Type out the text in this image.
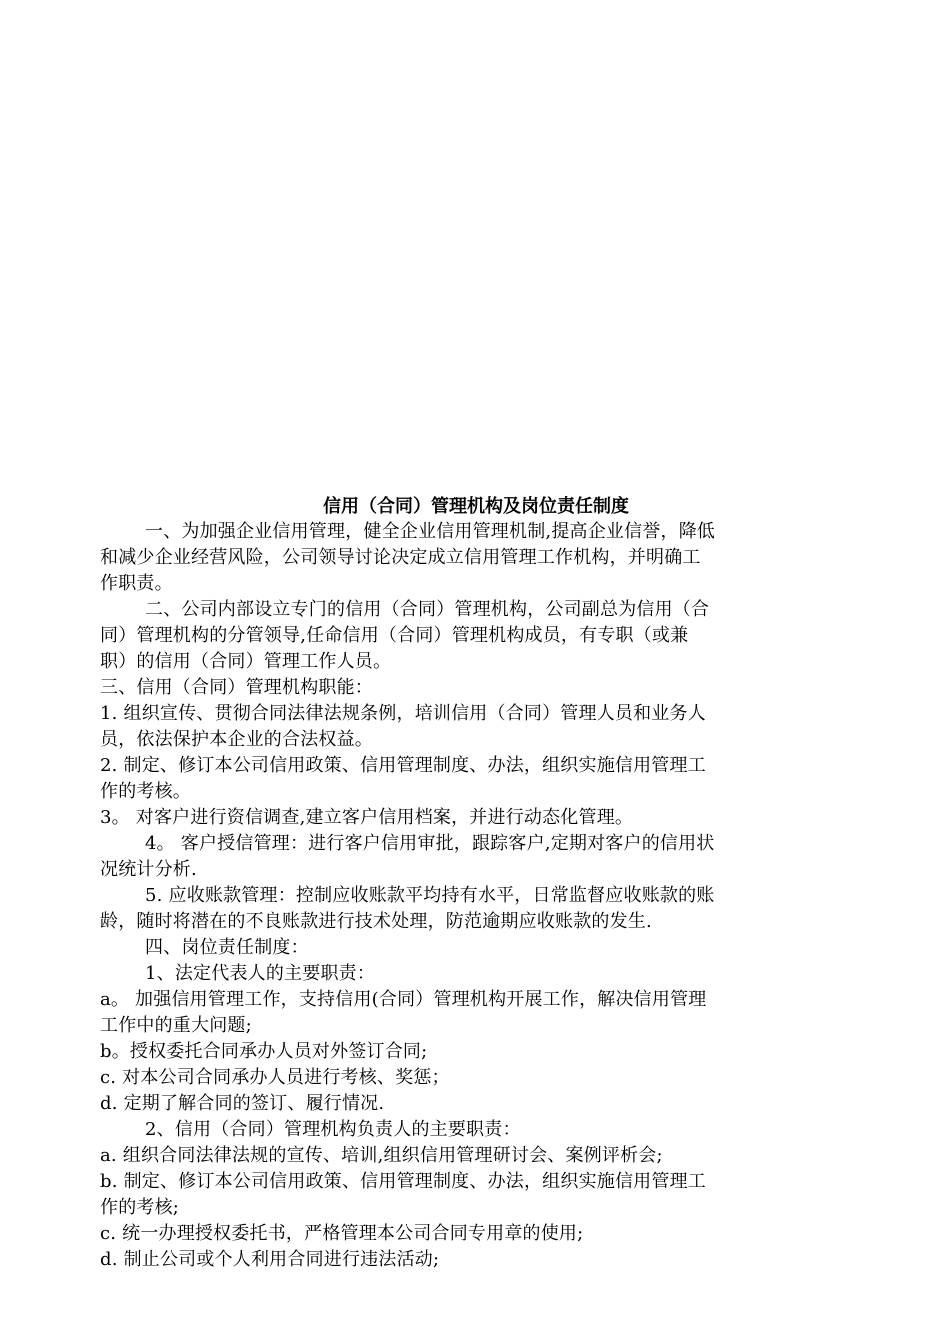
信用（合同）管理机构及岗位责任制度

一、为加强企业信用管理，健全企业信用管理机制,提高企业信誉，降低

和减少企业经营风险，公司领导讨论决定成立信用管理工作机构，并明确工

作职责。

二、公司内部设立专门的信用（合同）管理机构，公司副总为信用（合

同）管理机构的分管领导,任命信用（合同）管理机构成员，有专职（或兼

职）的信用（合同）管理工作人员。

三、信用（合同）管理机构职能：

1. 组织宣传、贯彻合同法律法规条例，培训信用（合同）管理人员和业务人

员，依法保护本企业的合法权益。

2. 制定、修订本公司信用政策、信用管理制度、办法，组织实施信用管理工

作的考核。

3。 对客户进行资信调查,建立客户信用档案，并进行动态化管理。

4。 客户授信管理：进行客户信用审批，跟踪客户,定期对客户的信用状

况统计分析.

5. 应收账款管理：控制应收账款平均持有水平，日常监督应收账款的账

龄，随时将潜在的不良账款进行技术处理，防范逾期应收账款的发生.

四、岗位责任制度：

1、法定代表人的主要职责：

a。 加强信用管理工作，支持信用(合同）管理机构开展工作，解决信用管理

工作中的重大问题;

b。授权委托合同承办人员对外签订合同;

c. 对本公司合同承办人员进行考核、奖惩；

d. 定期了解合同的签订、履行情况.

2、信用（合同）管理机构负责人的主要职责：

a. 组织合同法律法规的宣传、培训,组织信用管理研讨会、案例评析会;

b. 制定、修订本公司信用政策、信用管理制度、办法，组织实施信用管理工

作的考核;

c. 统一办理授权委托书，严格管理本公司合同专用章的使用;

d. 制止公司或个人利用合同进行违法活动;
